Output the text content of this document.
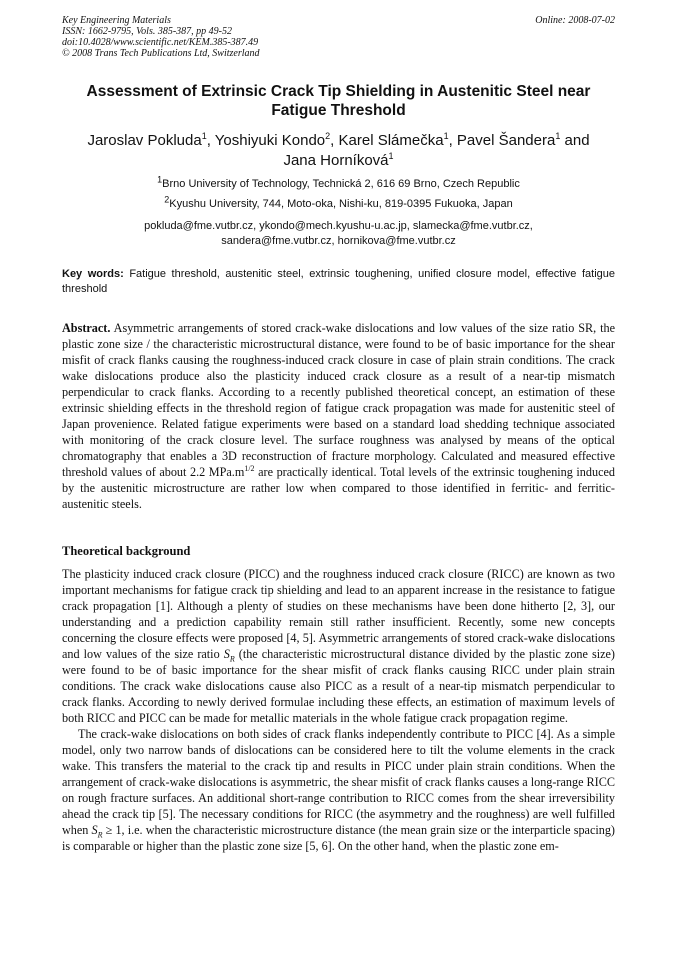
Key Engineering Materials
ISSN: 1662-9795, Vols. 385-387, pp 49-52
doi:10.4028/www.scientific.net/KEM.385-387.49
© 2008 Trans Tech Publications Ltd, Switzerland
Online: 2008-07-02
Assessment of Extrinsic Crack Tip Shielding in Austenitic Steel near Fatigue Threshold
Jaroslav Pokluda$^1$, Yoshiyuki Kondo$^2$, Karel Slámečka$^1$, Pavel Šandera$^1$ and
Jana Horníková$^1$
$^1$Brno University of Technology, Technická 2, 616 69 Brno, Czech Republic
$^2$Kyushu University, 744, Moto-oka, Nishi-ku, 819-0395 Fukuoka, Japan
pokluda@fme.vutbr.cz, ykondo@mech.kyushu-u.ac.jp, slamecka@fme.vutbr.cz,
sandera@fme.vutbr.cz, hornikova@fme.vutbr.cz
Key words: Fatigue threshold, austenitic steel, extrinsic toughening, unified closure model, effective fatigue threshold
Abstract. Asymmetric arrangements of stored crack-wake dislocations and low values of the size ratio SR, the plastic zone size / the characteristic microstructural distance, were found to be of basic importance for the shear misfit of crack flanks causing the roughness-induced crack closure in case of plain strain conditions. The crack wake dislocations produce also the plasticity induced crack closure as a result of a near-tip mismatch perpendicular to crack flanks. According to a recently published theoretical concept, an estimation of these extrinsic shielding effects in the threshold region of fatigue crack propagation was made for austenitic steel of Japan provenience. Related fatigue experiments were based on a standard load shedding technique associated with monitoring of the crack closure level. The surface roughness was analysed by means of the optical chromatography that enables a 3D reconstruction of fracture morphology. Calculated and measured effective threshold values of about 2.2 $MPa.m^{1/2}$ are practically identical. Total levels of the extrinsic toughening induced by the austenitic microstructure are rather low when compared to those identified in ferritic- and ferritic-austenitic steels.
Theoretical background

The plasticity induced crack closure (PICC) and the roughness induced crack closure (RICC) are known as two important mechanisms for fatigue crack tip shielding and lead to an apparent increase in the resistance to fatigue crack propagation [1]. Although a plenty of studies on these mechanisms have been done hitherto [2, 3], our understanding and a prediction capability remain still rather insufficient. Recently, some new concepts concerning the closure effects were proposed [4, 5]. Asymmetric arrangements of stored crack-wake dislocations and low values of the size ratio $S_R$ (the characteristic microstructural distance divided by the plastic zone size) were found to be of basic importance for the shear misfit of crack flanks causing RICC under plain strain conditions. The crack wake dislocations cause also PICC as a result of a near-tip mismatch perpendicular to crack flanks. According to newly derived formulae including these effects, an estimation of maximum levels of both RICC and PICC can be made for metallic materials in the whole fatigue crack propagation regime.

The crack-wake dislocations on both sides of crack flanks independently contribute to PICC [4]. As a simple model, only two narrow bands of dislocations can be considered here to tilt the volume elements in the crack wake. This transfers the material to the crack tip and results in PICC under plain strain conditions. When the arrangement of crack-wake dislocations is asymmetric, the shear misfit of crack flanks causes a long-range RICC on rough fracture surfaces. An additional short-range contribution to RICC comes from the shear irreversibility ahead the crack tip [5]. The necessary conditions for RICC (the asymmetry and the roughness) are well fulfilled when $S_R \ge 1$, i.e. when the characteristic microstructure distance (the mean grain size or the interparticle spacing) is comparable or higher than the plastic zone size [5, 6]. On the other hand, when the plastic zone em-
